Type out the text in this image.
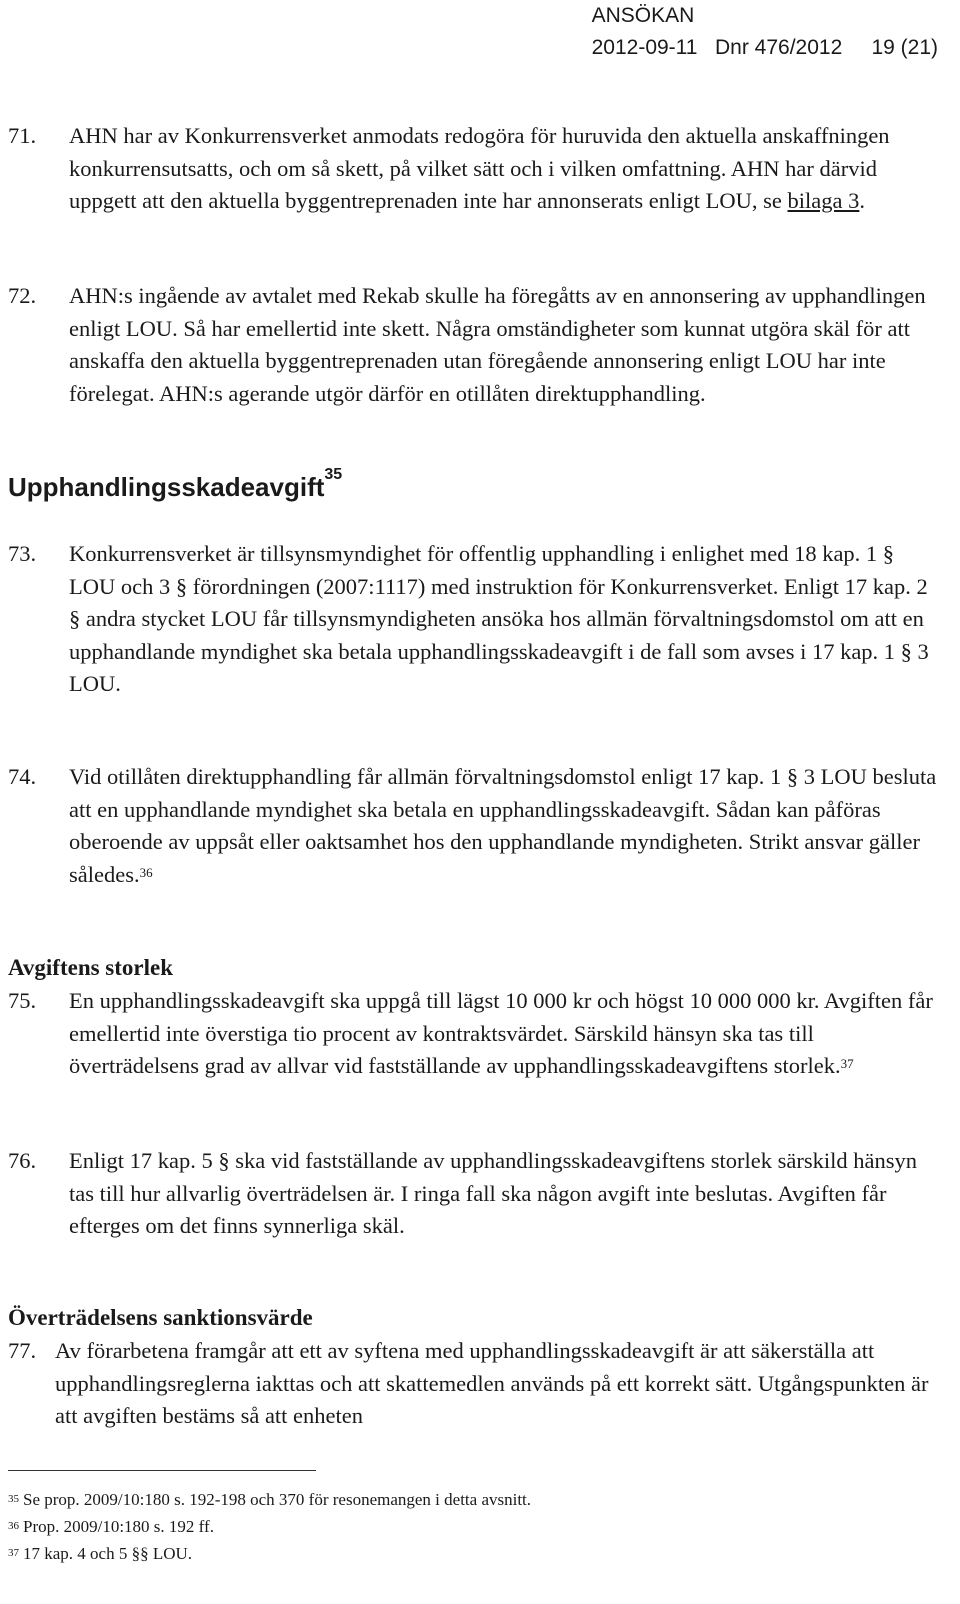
ANSÖKAN
2012-09-11 Dnr 476/2012 19 (21)
71. AHN har av Konkurrensverket anmodats redogöra för huruvida den aktuella anskaffningen konkurrensutsatts, och om så skett, på vilket sätt och i vilken omfattning. AHN har därvid uppgett att den aktuella byggentreprenaden inte har annonserats enligt LOU, se bilaga 3.
72. AHN:s ingående av avtalet med Rekab skulle ha föregåtts av en annonsering av upphandlingen enligt LOU. Så har emellertid inte skett. Några omständigheter som kunnat utgöra skäl för att anskaffa den aktuella byggentreprenaden utan föregående annonsering enligt LOU har inte förelegat. AHN:s agerande utgör därför en otillåten direktupphandling.
Upphandlingsskadeavgift$^{35}$
73. Konkurrensverket är tillsynsmyndighet för offentlig upphandling i enlighet med 18 kap. 1 § LOU och 3 § förordningen (2007:1117) med instruktion för Konkurrensverket. Enligt 17 kap. 2 § andra stycket LOU får tillsynsmyndigheten ansöka hos allmän förvaltningsdomstol om att en upphandlande myndighet ska betala upphandlingsskadeavgift i de fall som avses i 17 kap. 1 § 3 LOU.
74. Vid otillåten direktupphandling får allmän förvaltningsdomstol enligt 17 kap. 1 § 3 LOU besluta att en upphandlande myndighet ska betala en upphandlingsskadeavgift. Sådan kan påföras oberoende av uppsåt eller oaktsamhet hos den upphandlande myndigheten. Strikt ansvar gäller således.$^{36}$
Avgiftens storlek
75. En upphandlingsskadeavgift ska uppgå till lägst 10 000 kr och högst 10 000 000 kr. Avgiften får emellertid inte överstiga tio procent av kontraktsvärdet. Särskild hänsyn ska tas till överträdelsens grad av allvar vid fastställande av upphandlingsskadeavgiftens storlek.$^{37}$
76. Enligt 17 kap. 5 § ska vid fastställande av upphandlingsskadeavgiftens storlek särskild hänsyn tas till hur allvarlig överträdelsen är. I ringa fall ska någon avgift inte beslutas. Avgiften får efterges om det finns synnerliga skäl.
Överträdelsens sanktionsvärde
77. Av förarbetena framgår att ett av syftena med upphandlingsskadeavgift är att säkerställa att upphandlingsreglerna iakttas och att skattemedlen används på ett korrekt sätt. Utgångspunkten är att avgiften bestäms så att enheten
$^{35}$ Se prop. 2009/10:180 s. 192-198 och 370 för resonemangen i detta avsnitt.
$^{36}$ Prop. 2009/10:180 s. 192 ff.
$^{37}$ 17 kap. 4 och 5 §§ LOU.
